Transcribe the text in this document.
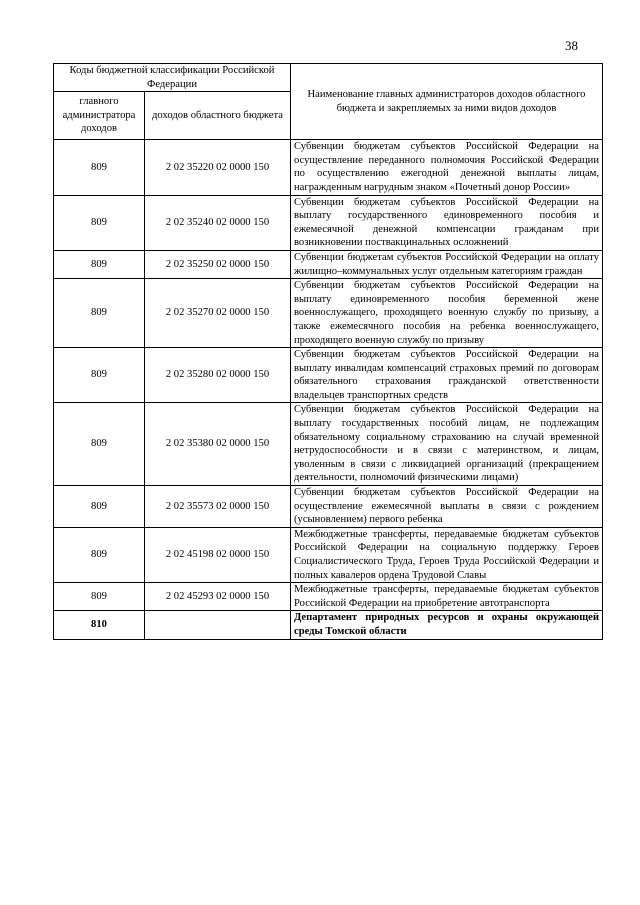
38
Коды бюджетной классификации Российской Федерации		Наименование главных администраторов доходов областного бюджета и закрепляемых за ними видов доходов
главного администратора доходов	доходов областного бюджета	
809	2 02 35220 02 0000 150	Субвенции бюджетам субъектов Российской Федерации на осуществление переданного полномочия Российской Федерации по осуществлению ежегодной денежной выплаты лицам, награжденным нагрудным знаком «Почетный донор России»
809	2 02 35240 02 0000 150	Субвенции бюджетам субъектов Российской Федерации на выплату государственного единовременного пособия и ежемесячной денежной компенсации гражданам при возникновении поствакцинальных осложнений
809	2 02 35250 02 0000 150	Субвенции бюджетам субъектов Российской Федерации на оплату жилищно–коммунальных услуг отдельным категориям граждан
809	2 02 35270 02 0000 150	Субвенции бюджетам субъектов Российской Федерации на выплату единовременного пособия беременной жене военнослужащего, проходящего военную службу по призыву, а также ежемесячного пособия на ребенка военнослужащего, проходящего военную службу по призыву
809	2 02 35280 02 0000 150	Субвенции бюджетам субъектов Российской Федерации на выплату инвалидам компенсаций страховых премий по договорам обязательного страхования гражданской ответственности владельцев транспортных средств
809	2 02 35380 02 0000 150	Субвенции бюджетам субъектов Российской Федерации на выплату государственных пособий лицам, не подлежащим обязательному социальному страхованию на случай временной нетрудоспособности и в связи с материнством, и лицам, уволенным в связи с ликвидацией организаций (прекращением деятельности, полномочий физическими лицами)
809	2 02 35573 02 0000 150	Субвенции бюджетам субъектов Российской Федерации на осуществление ежемесячной выплаты в связи с рождением (усыновлением) первого ребенка
809	2 02 45198 02 0000 150	Межбюджетные трансферты, передаваемые бюджетам субъектов Российской Федерации на социальную поддержку Героев Социалистического Труда, Героев Труда Российской Федерации и полных кавалеров ордена Трудовой Славы
809	2 02 45293 02 0000 150	Межбюджетные трансферты, передаваемые бюджетам субъектов Российской Федерации на приобретение автотранспорта
810		Департамент природных ресурсов и охраны окружающей среды Томской области
